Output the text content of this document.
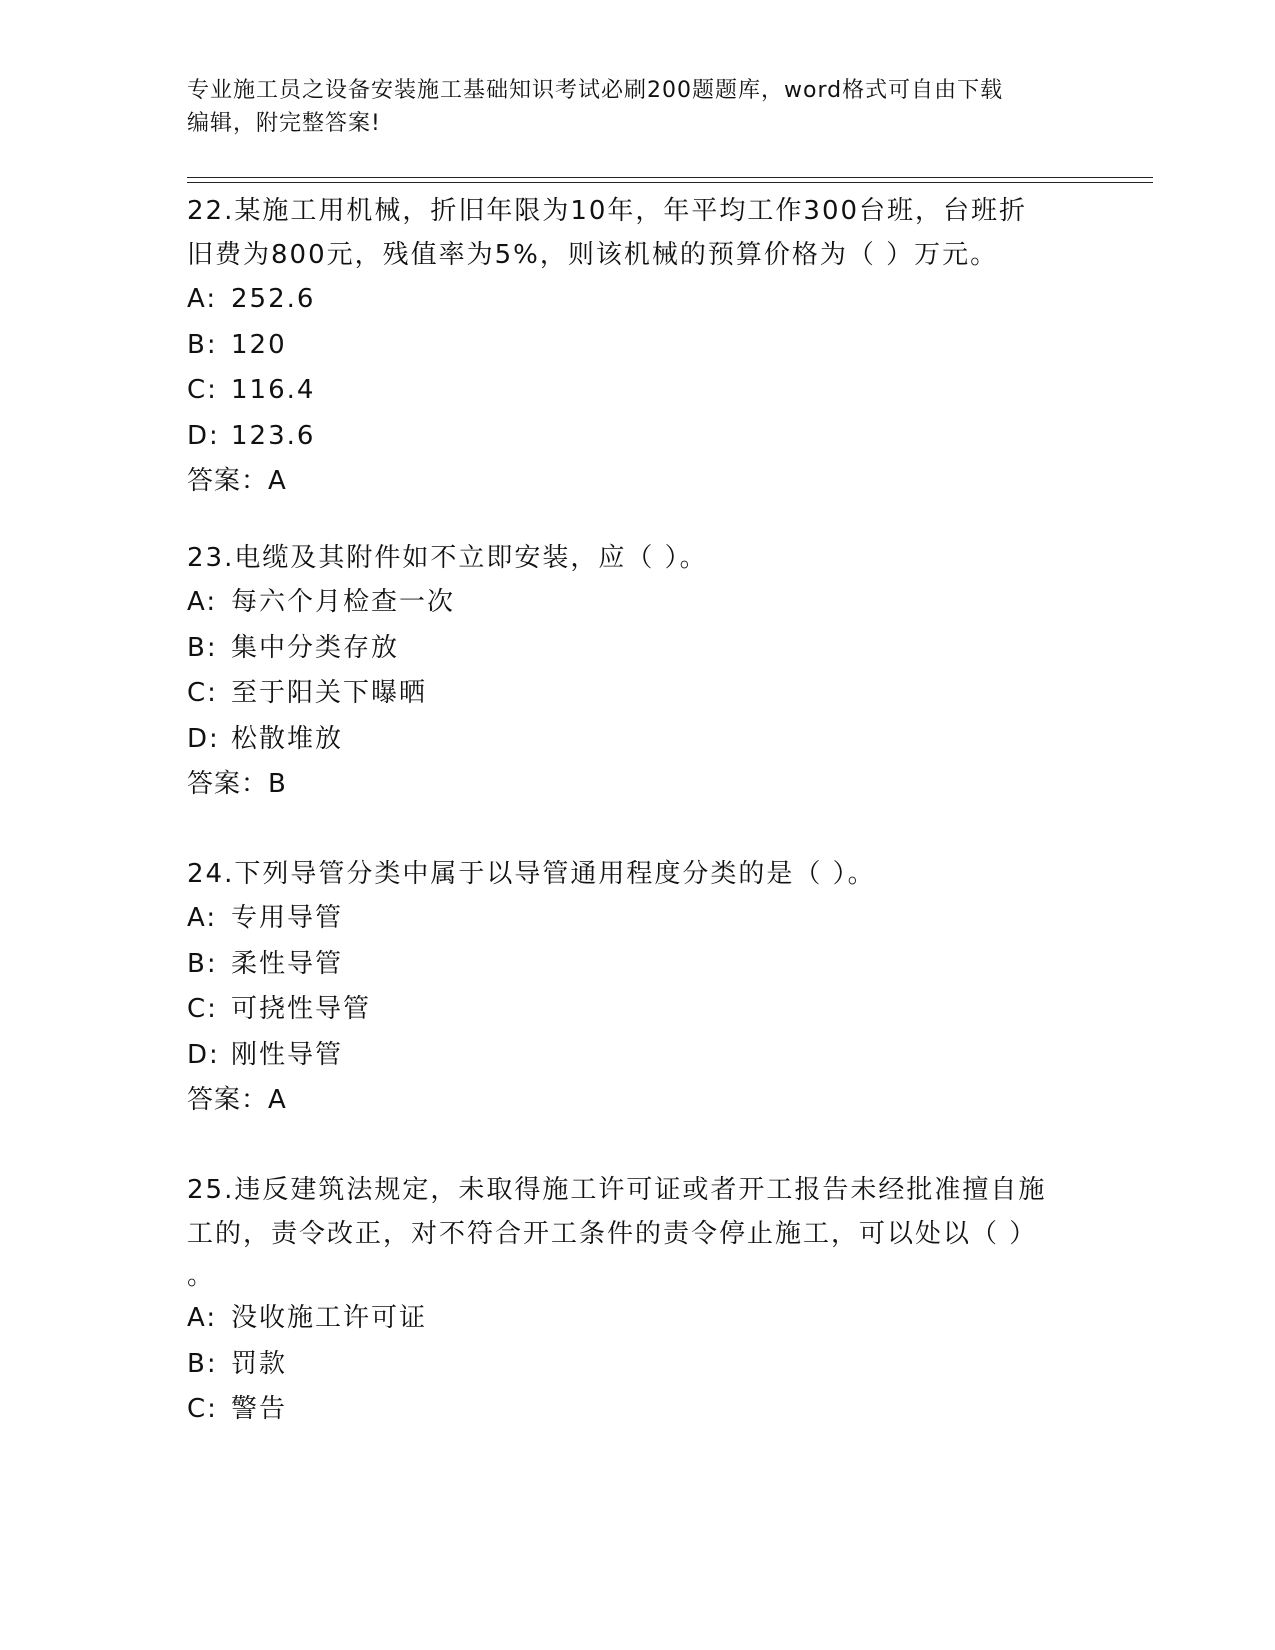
专业施工员之设备安装施工基础知识考试必刷200题题库，word格式可自由下载
编辑，附完整答案!
22.某施工用机械，折旧年限为10年，年平均工作300台班，台班折
旧费为800元，残值率为5%，则该机械的预算价格为（ ）万元。
A: 252.6
B: 120
C: 116.4
D: 123.6
答案：A
23.电缆及其附件如不立即安装，应（ ）。
A: 每六个月检查一次
B: 集中分类存放
C: 至于阳关下曝晒
D: 松散堆放
答案：B
24.下列导管分类中属于以导管通用程度分类的是（ ）。
A: 专用导管
B: 柔性导管
C: 可挠性导管
D: 刚性导管
答案：A
25.违反建筑法规定，未取得施工许可证或者开工报告未经批准擅自施
工的，责令改正，对不符合开工条件的责令停止施工，可以处以（ ）
。
A: 没收施工许可证
B: 罚款
C: 警告
